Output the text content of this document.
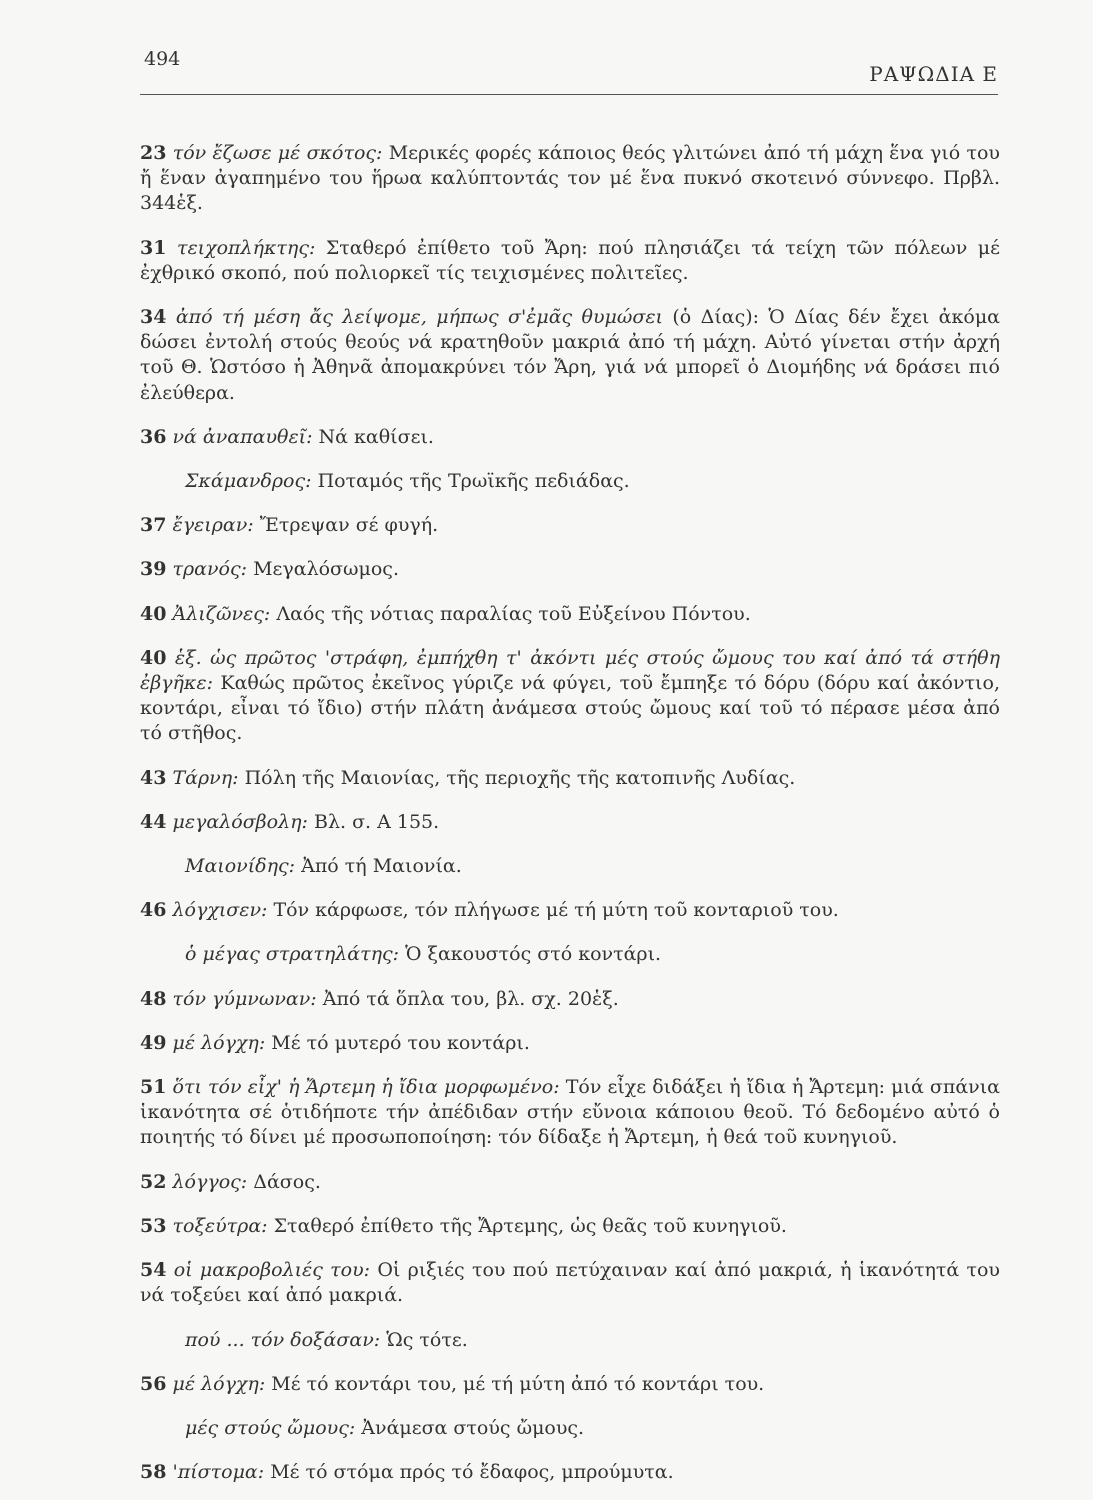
494
ΡΑΨΩΔΙΑ Ε

23 τόν ἔζωσε μέ σκότος: Μερικές φορές κάποιος θεός γλιτώνει ἀπό τή μάχη ἕνα γιό του ἤ ἕναν ἀγαπημένο του ἥρωα καλύπτοντάς τον μέ ἕνα πυκνό σκοτεινό σύννεφο. Πρβλ. 344ἑξ.

31 τειχοπλήκτης: Σταθερό ἐπίθετο τοῦ Ἄρη: πού πλησιάζει τά τείχη τῶν πόλεων μέ ἐχθρικό σκοπό, πού πολιορκεῖ τίς τειχισμένες πολιτεῖες.

34 ἀπό τή μέση ἄς λείψομε, μήπως σ'ἐμᾶς θυμώσει (ὁ Δίας): Ὁ Δίας δέν ἔχει ἀκόμα δώσει ἐντολή στούς θεούς νά κρατηθοῦν μακριά ἀπό τή μάχη. Αὐτό γίνεται στήν ἀρχή τοῦ Θ. Ὡστόσο ἡ Ἀθηνᾶ ἀπομακρύνει τόν Ἄρη, γιά νά μπορεῖ ὁ Διομήδης νά δράσει πιό ἐλεύθερα.

36 νά ἀναπαυθεῖ: Νά καθίσει.

Σκάμανδρος: Ποταμός τῆς Τρωϊκῆς πεδιάδας.

37 ἔγειραν: Ἔτρεψαν σέ φυγή.

39 τρανός: Μεγαλόσωμος.

40 Ἀλιζῶνες: Λαός τῆς νότιας παραλίας τοῦ Εὐξείνου Πόντου.

40 ἑξ. ὡς πρῶτος 'στράφη, ἐμπήχθη τ' ἀκόντι μές στούς ὤμους του καί ἀπό τά στήθη ἐβγῆκε: Καθώς πρῶτος ἐκεῖνος γύριζε νά φύγει, τοῦ ἔμπηξε τό δόρυ (δόρυ καί ἀκόντιο, κοντάρι, εἶναι τό ἴδιο) στήν πλάτη ἀνάμεσα στούς ὤμους καί τοῦ τό πέρασε μέσα ἀπό τό στῆθος.

43 Τάρνη: Πόλη τῆς Μαιονίας, τῆς περιοχῆς τῆς κατοπινῆς Λυδίας.

44 μεγαλόσβολη: Βλ. σ. Α 155.

Μαιονίδης: Ἀπό τή Μαιονία.

46 λόγχισεν: Τόν κάρφωσε, τόν πλήγωσε μέ τή μύτη τοῦ κονταριοῦ του.

ὁ μέγας στρατηλάτης: Ὁ ξακουστός στό κοντάρι.

48 τόν γύμνωναν: Ἀπό τά ὅπλα του, βλ. σχ. 20ἑξ.

49 μέ λόγχη: Μέ τό μυτερό του κοντάρι.

51 ὅτι τόν εἶχ' ἡ Ἄρτεμη ἡ ἴδια μορφωμένο: Τόν εἶχε διδάξει ἡ ἴδια ἡ Ἄρτεμη: μιά σπάνια ἱκανότητα σέ ὁτιδήποτε τήν ἀπέδιδαν στήν εὔνοια κάποιου θεοῦ. Τό δεδομένο αὐτό ὁ ποιητής τό δίνει μέ προσωποποίηση: τόν δίδαξε ἡ Ἄρτεμη, ἡ θεά τοῦ κυνηγιοῦ.

52 λόγγος: Δάσος.

53 τοξεύτρα: Σταθερό ἐπίθετο τῆς Ἄρτεμης, ὡς θεᾶς τοῦ κυνηγιοῦ.

54 οἱ μακροβολιές του: Οἱ ριξιές του πού πετύχαιναν καί ἀπό μακριά, ἡ ἱκανότητά του νά τοξεύει καί ἀπό μακριά.

πού ... τόν δοξάσαν: Ὡς τότε.

56 μέ λόγχη: Μέ τό κοντάρι του, μέ τή μύτη ἀπό τό κοντάρι του.

μές στούς ὤμους: Ἀνάμεσα στούς ὤμους.

58 'πίστομα: Μέ τό στόμα πρός τό ἔδαφος, μπρούμυτα.
